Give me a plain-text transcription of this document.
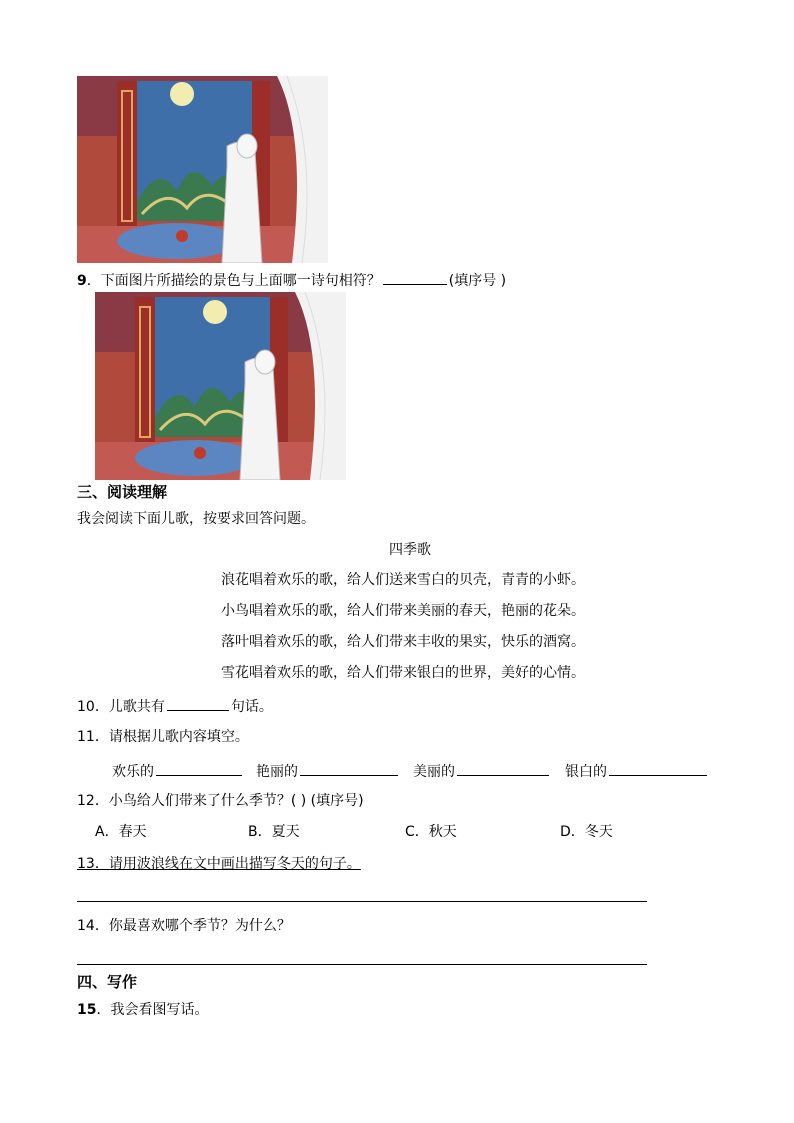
9．下面图片所描绘的景色与上面哪一诗句相符？	(填序号 )
三、阅读理解
我会阅读下面儿歌，按要求回答问题。
四季歌
浪花唱着欢乐的歌，给人们送来雪白的贝壳，青青的小虾。
小鸟唱着欢乐的歌，给人们带来美丽的春天，艳丽的花朵。
落叶唱着欢乐的歌，给人们带来丰收的果实，快乐的酒窝。
雪花唱着欢乐的歌，给人们带来银白的世界，美好的心情。
10．儿歌共有	句话。
11．请根据儿歌内容填空。
欢乐的	艳丽的	美丽的	银白的
12．小鸟给人们带来了什么季节？( ) (填序号)
A．春天	B．夏天	C．秋天	D．冬天
13．请用波浪线在文中画出描写冬天的句子。
14．你最喜欢哪个季节？为什么？
四、写作
15．我会看图写话。
